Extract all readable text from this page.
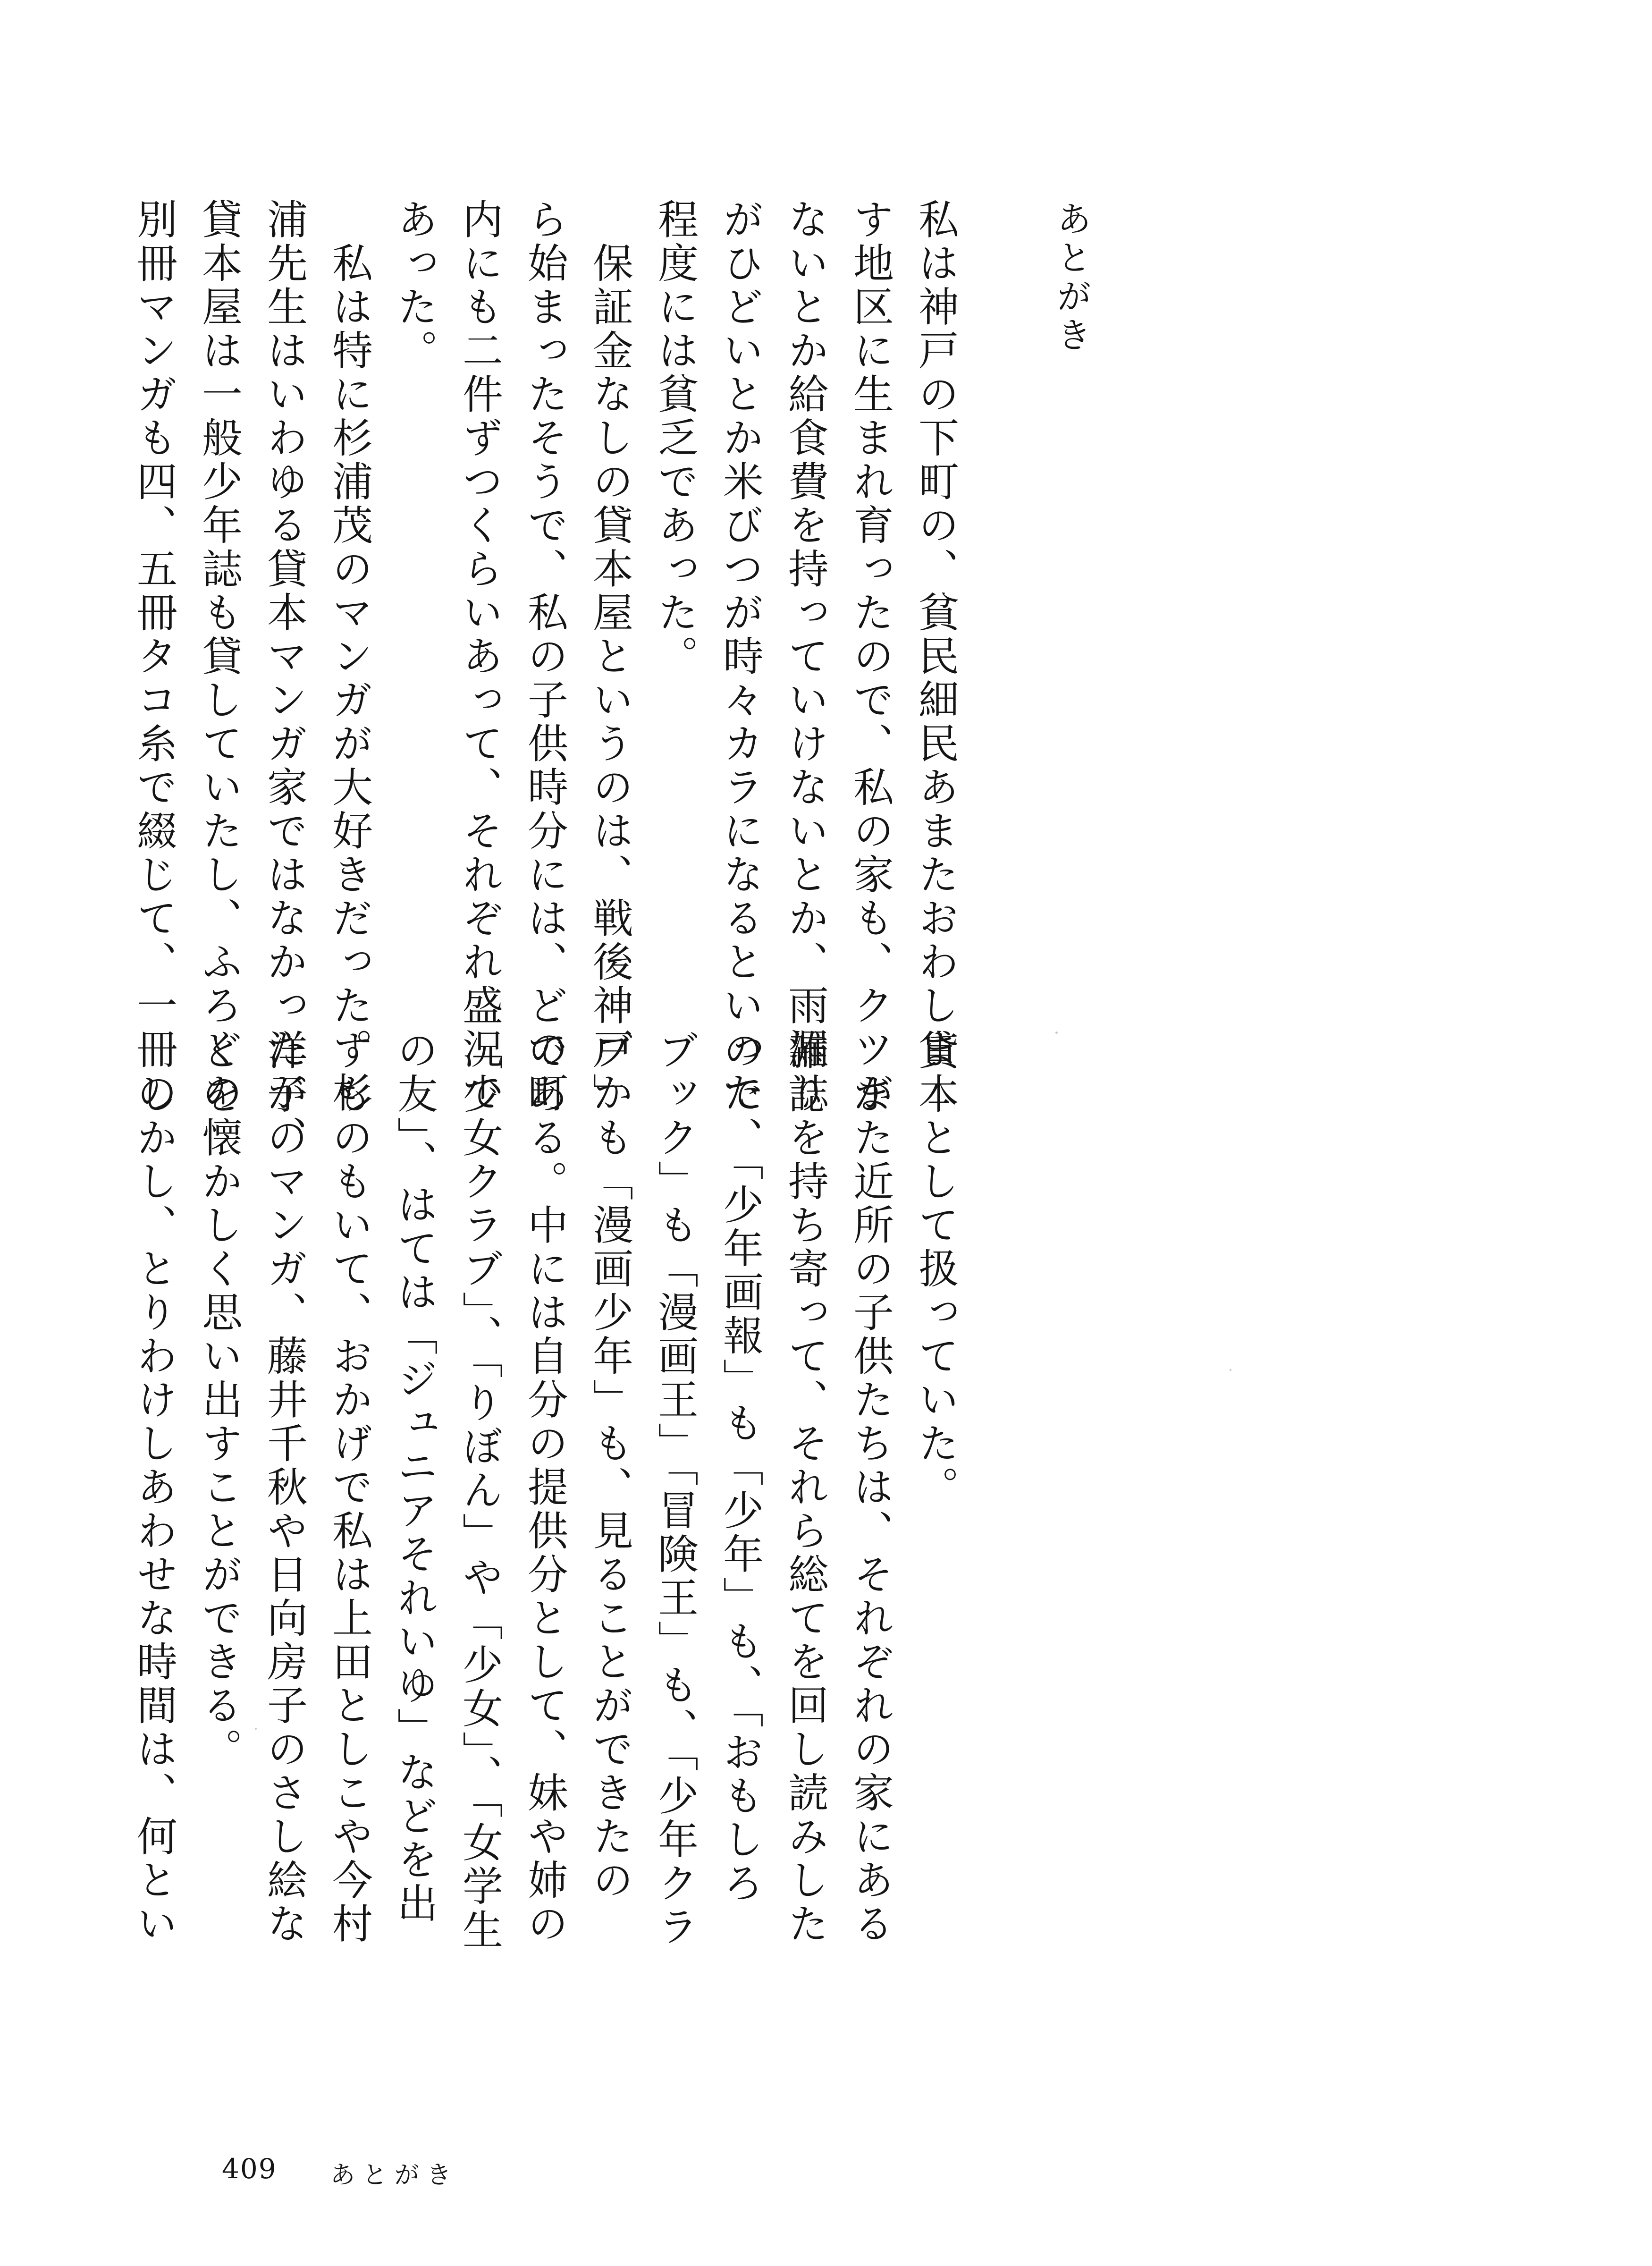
あとがき
私は神戸の下町の、貧民細民あまたおわしま
す地区に生まれ育ったので、私の家も、クツが
ないとか給食費を持っていけないとか、雨漏り
がひどいとか米びつが時々カラになるといった
程度には貧乏であった。
　保証金なしの貸本屋というのは、戦後神戸か
ら始まったそうで、私の子供時分には、どの町
内にも二件ずつくらいあって、それぞれ盛況で
あった。
　私は特に杉浦茂のマンガが大好きだった。杉
浦先生はいわゆる貸本マンガ家ではなかったが、
貸本屋は一般少年誌も貸していたし、ふろくの
別冊マンガも四、五冊タコ糸で綴じて、一冊の
貸本として扱っていた。
　また近所の子供たちは、それぞれの家にある
雑誌を持ち寄って、それら総てを回し読みした
ので、「少年画報」も「少年」も、「おもしろ
ブック」も「漫画王」「冒険王」も、「少年クラ
ブ」も「漫画少年」も、見ることができたの
である。中には自分の提供分として、妹や姉の
「少女クラブ」、「りぼん」や「少女」、「女学生
の友」、はては「ジュニアそれいゆ」などを出
すものもいて、おかげで私は上田としこや今村
洋子のマンガ、藤井千秋や日向房子のさし絵な
どを懐かしく思い出すことができる。
　しかし、とりわけしあわせな時間は、何とい
409 あとがき
